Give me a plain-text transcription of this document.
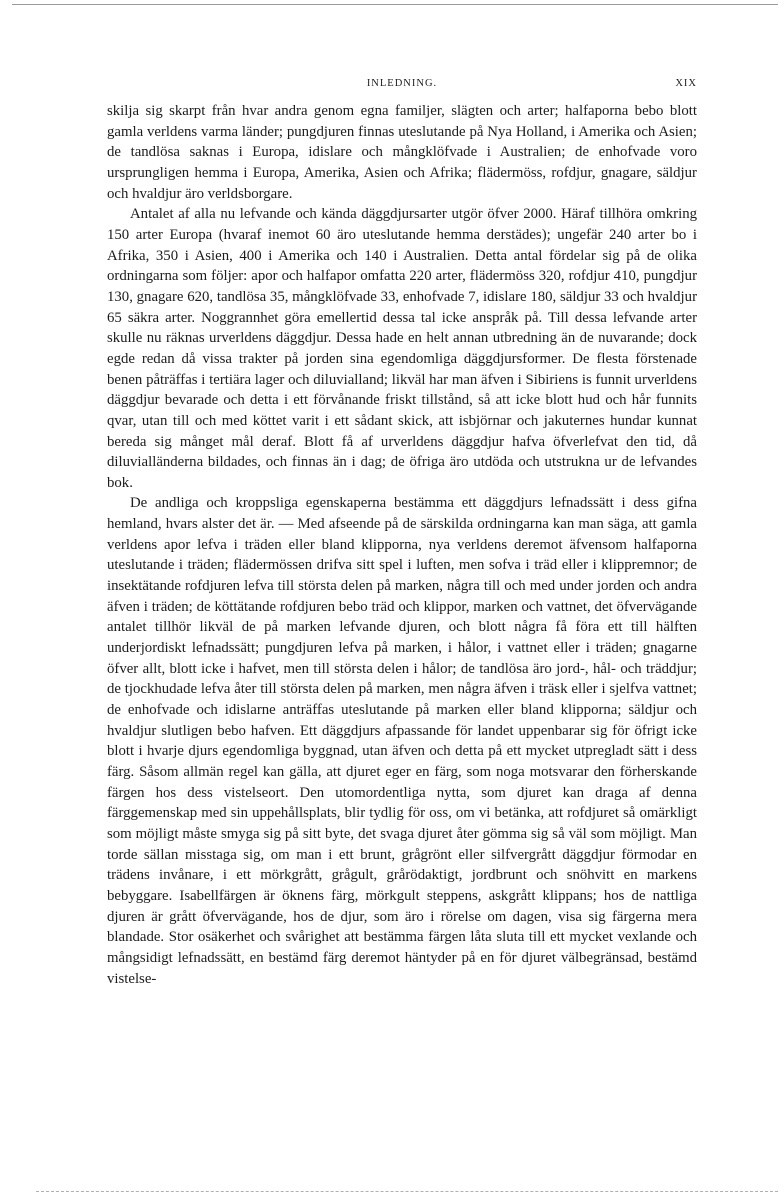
INLEDNING.	XIX

skilja sig skarpt från hvar andra genom egna familjer, slägten och arter; halfaporna bebo blott gamla verldens varma länder; pungdjuren finnas uteslutande på Nya Holland, i Amerika och Asien; de tandlösa saknas i Europa, idislare och mångklöfvade i Australien; de enhofvade voro ursprungligen hemma i Europa, Amerika, Asien och Afrika; flädermöss, rofdjur, gnagare, säldjur och hvaldjur äro verldsborgare.

Antalet af alla nu lefvande och kända däggdjursarter utgör öfver 2000. Häraf tillhöra omkring 150 arter Europa (hvaraf inemot 60 äro uteslutande hemma derstädes); ungefär 240 arter bo i Afrika, 350 i Asien, 400 i Amerika och 140 i Australien. Detta antal fördelar sig på de olika ordningarna som följer: apor och halfapor omfatta 220 arter, flädermöss 320, rofdjur 410, pungdjur 130, gnagare 620, tandlösa 35, mångklöfvade 33, enhofvade 7, idislare 180, säldjur 33 och hvaldjur 65 säkra arter. Noggrannhet göra emellertid dessa tal icke anspråk på. Till dessa lefvande arter skulle nu räknas urverldens däggdjur. Dessa hade en helt annan utbredning än de nuvarande; dock egde redan då vissa trakter på jorden sina egendomliga däggdjursformer. De flesta förstenade benen påträffas i tertiära lager och diluvialland; likväl har man äfven i Sibiriens is funnit urverldens däggdjur bevarade och detta i ett förvånande friskt tillstånd, så att icke blott hud och hår funnits qvar, utan till och med köttet varit i ett sådant skick, att isbjörnar och jakuternes hundar kunnat bereda sig månget mål deraf. Blott få af urverldens däggdjur hafva öfverlefvat den tid, då diluvialländerna bildades, och finnas än i dag; de öfriga äro utdöda och utstrukna ur de lefvandes bok.

De andliga och kroppsliga egenskaperna bestämma ett däggdjurs lefnadssätt i dess gifna hemland, hvars alster det är. — Med afseende på de särskilda ordningarna kan man säga, att gamla verldens apor lefva i träden eller bland klipporna, nya verldens deremot äfvensom halfaporna uteslutande i träden; flädermössen drifva sitt spel i luften, men sofva i träd eller i klippremnor; de insektätande rofdjuren lefva till största delen på marken, några till och med under jorden och andra äfven i träden; de köttätande rofdjuren bebo träd och klippor, marken och vattnet, det öfvervägande antalet tillhör likväl de på marken lefvande djuren, och blott några få föra ett till hälften underjordiskt lefnadssätt; pungdjuren lefva på marken, i hålor, i vattnet eller i träden; gnagarne öfver allt, blott icke i hafvet, men till största delen i hålor; de tandlösa äro jord-, hål- och träddjur; de tjockhudade lefva åter till största delen på marken, men några äfven i träsk eller i sjelfva vattnet; de enhofvade och idislarne anträffas uteslutande på marken eller bland klipporna; säldjur och hvaldjur slutligen bebo hafven. Ett däggdjurs afpassande för landet uppenbarar sig för öfrigt icke blott i hvarje djurs egendomliga byggnad, utan äfven och detta på ett mycket utpregladt sätt i dess färg. Såsom allmän regel kan gälla, att djuret eger en färg, som noga motsvarar den förherskande färgen hos dess vistelseort. Den utomordentliga nytta, som djuret kan draga af denna färggemenskap med sin uppehållsplats, blir tydlig för oss, om vi betänka, att rofdjuret så omärkligt som möjligt måste smyga sig på sitt byte, det svaga djuret åter gömma sig så väl som möjligt. Man torde sällan misstaga sig, om man i ett brunt, grågrönt eller silfvergrått däggdjur förmodar en trädens invånare, i ett mörkgrått, grågult, grårödaktigt, jordbrunt och snöhvitt en markens bebyggare. Isabellfärgen är öknens färg, mörkgult steppens, askgrått klippans; hos de nattliga djuren är grått öfvervägande, hos de djur, som äro i rörelse om dagen, visa sig färgerna mera blandade. Stor osäkerhet och svårighet att bestämma färgen låta sluta till ett mycket vexlande och mångsidigt lefnadssätt, en bestämd färg deremot häntyder på en för djuret välbegränsad, bestämd vistelse-
